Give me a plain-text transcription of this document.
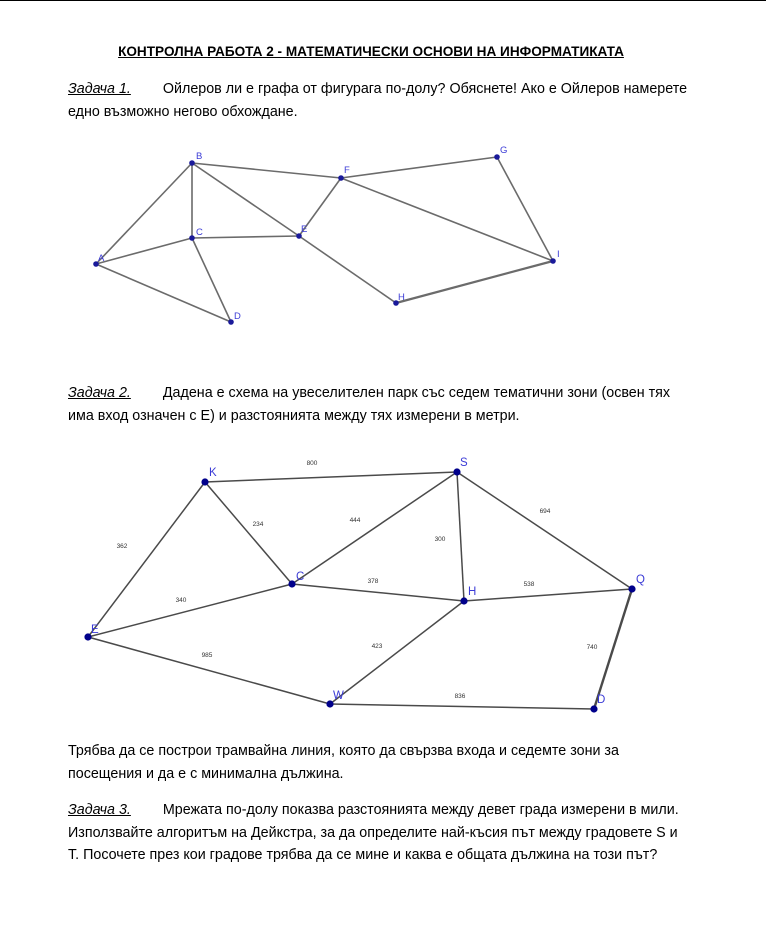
КОНТРОЛНА РАБОТА 2 - МАТЕМАТИЧЕСКИ ОСНОВИ НА ИНФОРМАТИКАТА
Задача 1. Ойлеров ли е графа от фигурага по-долу? Обяснете! Ако е Ойлеров намерете едно възможно негово обхождане.
A
B
C
D
E
F
G
H
I
Задача 2. Дадена е схема на увеселителен парк със седем тематични зони (освен тях има вход означен с E) и разстоянията между тях измерени в метри.
800
234
362
444
300
694
378	538
340
985
423
836
740
K
S
C
H
Q
E
W	D
Трябва да се построи трамвайна линия, която да свързва входа и седемте зони за посещения и да е с минимална дължина.
Задача 3. Мрежата по-долу показва разстоянията между девет града измерени в мили. Използвайте алгоритъм на Дейкстра, за да определите най-късия път между градовете S и T. Посочете през кои градове трябва да се мине и каква е общата дължина на този път?
